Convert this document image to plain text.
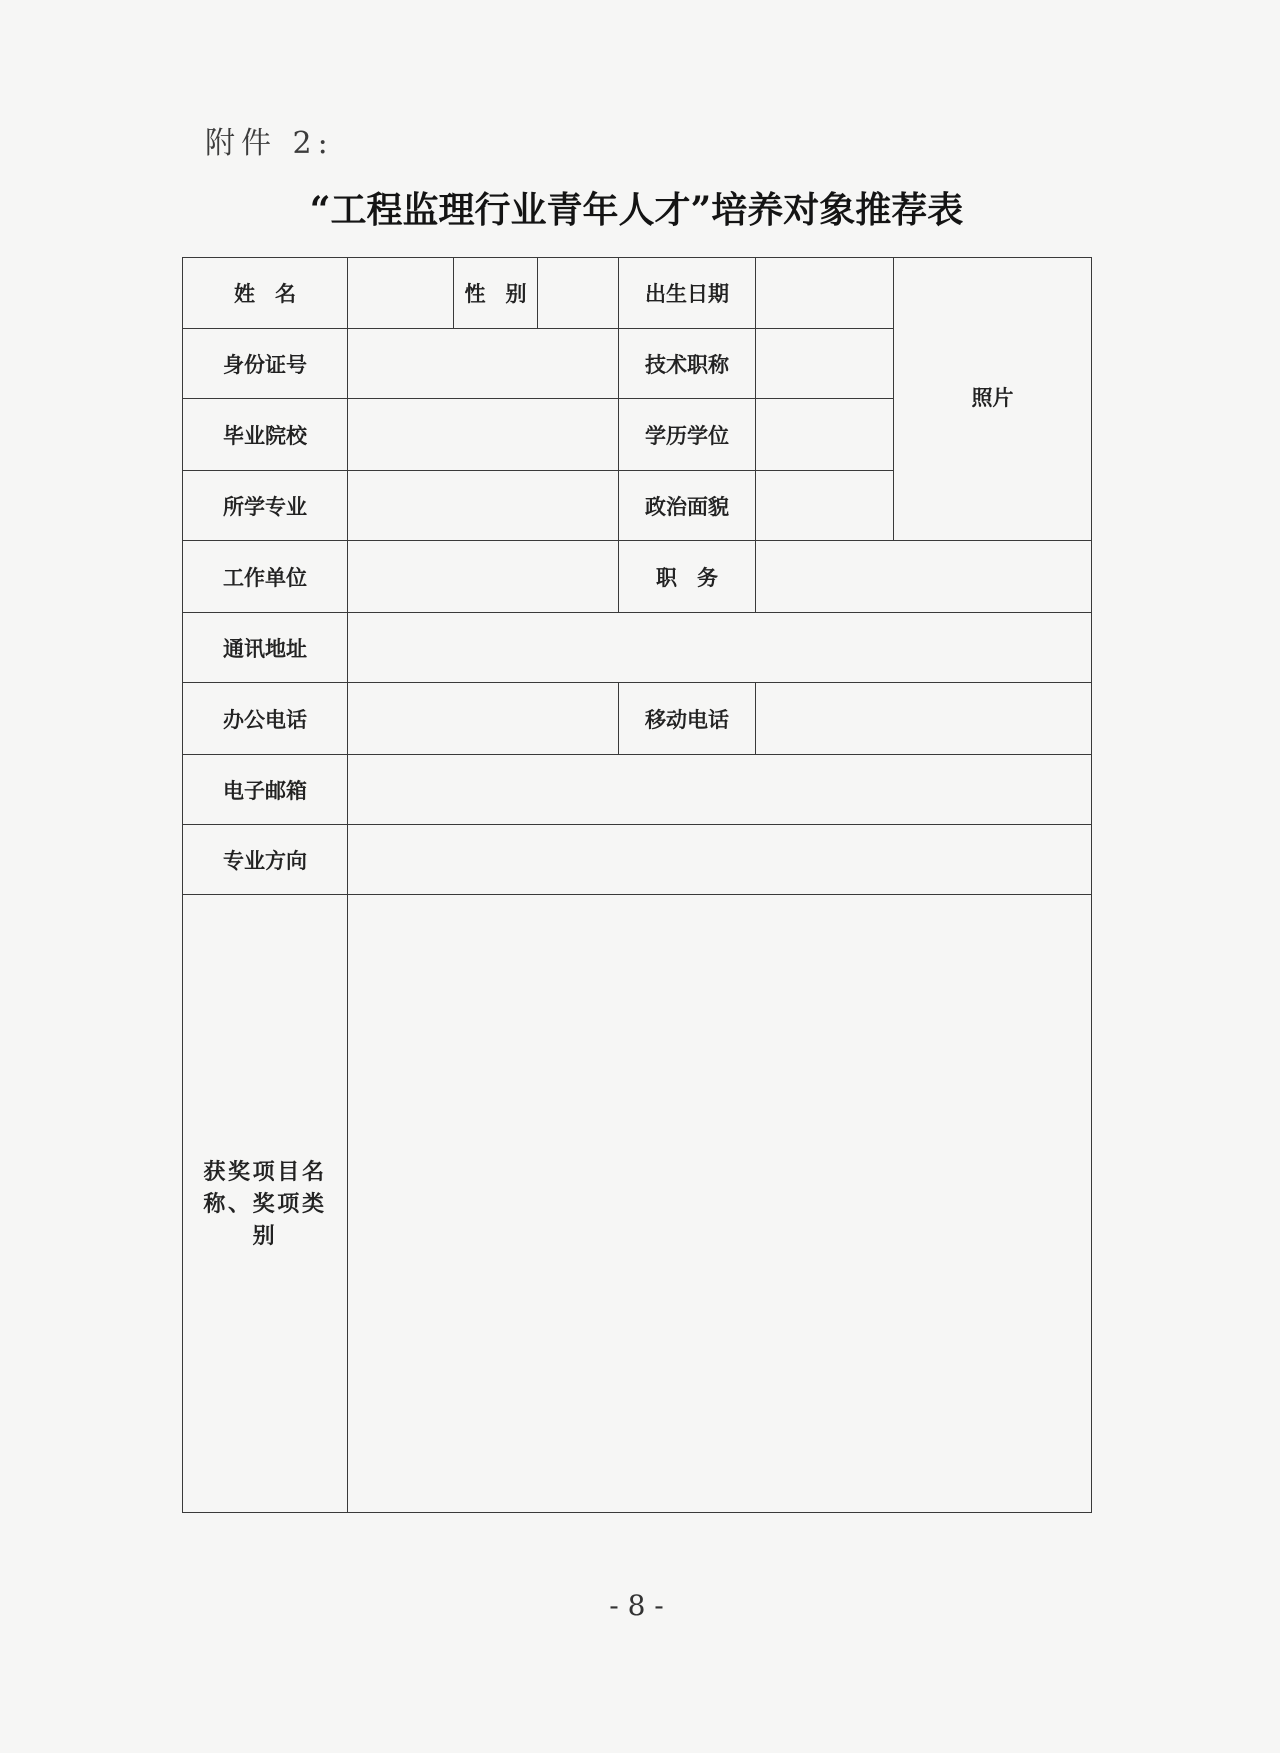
附件 2:
“工程监理行业青年人才”培养对象推荐表
姓 名		性 别		出生日期		照片
身份证号				技术职称		
毕业院校				学历学位		
所学专业				政治面貌		
工作单位				职 务		
通讯地址						
办公电话				移动电话		
电子邮箱						
专业方向						
获奖项目名称、奖项类别						
- 8 -
